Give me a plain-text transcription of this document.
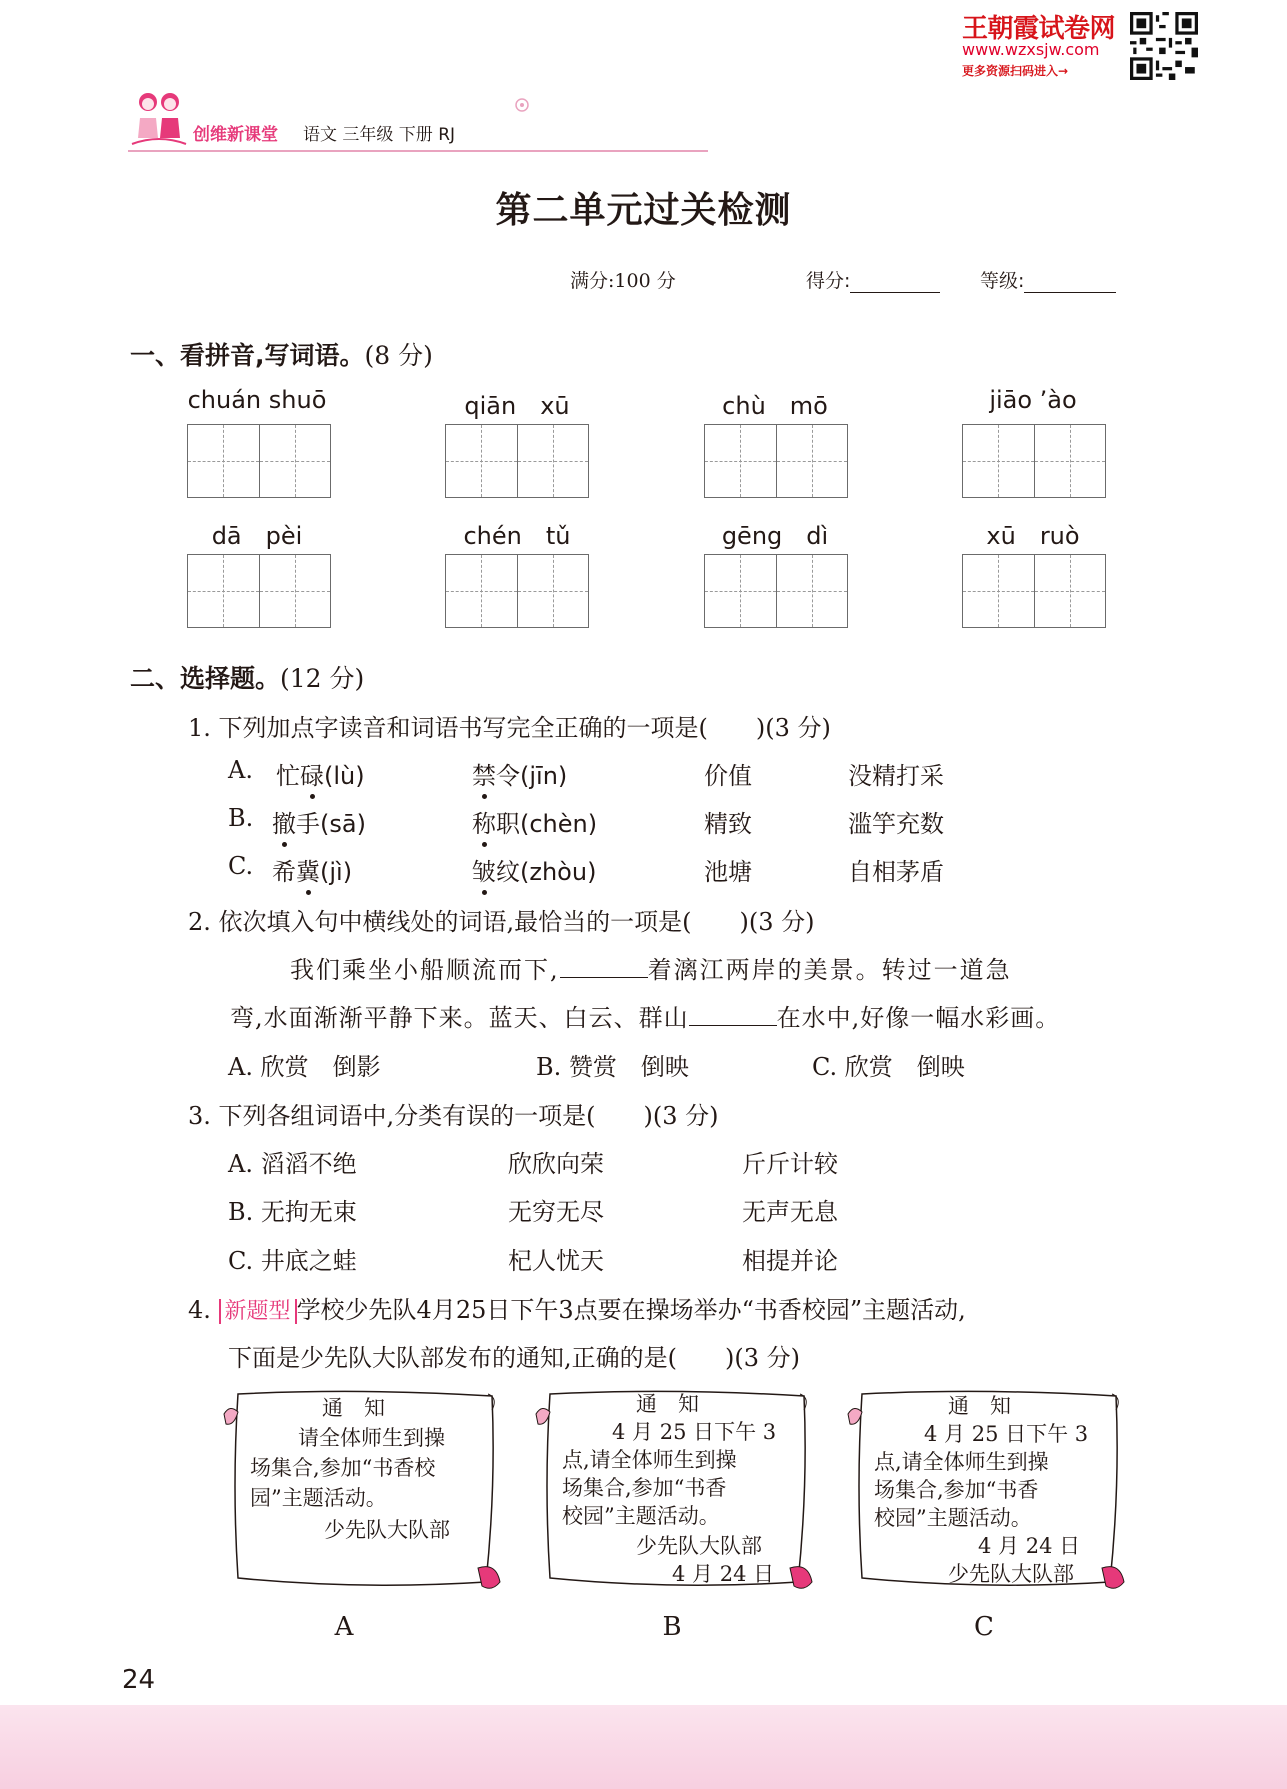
王朝霞试卷网
www.wzxsjw.com
更多资源扫码进入→
创维新课堂 语文 三年级 下册 RJ
第二单元过关检测
满分:100 分	得分:	等级:
一、看拼音,写词语。(8 分)
chuán shuō	qiān　xū	chù　mō	jiāo ’ào
dā　pèi	chén　tǔ	gēng　dì	xū　ruò
二、选择题。(12 分)
1. 下列加点字读音和词语书写完全正确的一项是(　　)(3 分)
A. 忙碌(lù)	禁令(jīn)	价值	没精打采
B. 撤手(sā)	称职(chèn)	精致	滥竽充数
C. 希冀(jì)	皱纹(zhòu)	池塘	自相茅盾
2. 依次填入句中横线处的词语,最恰当的一项是(　　)(3 分)
我们乘坐小船顺流而下,	着漓江两岸的美景。转过一道急
弯,水面渐渐平静下来。蓝天、白云、群山	在水中,好像一幅水彩画。
A. 欣赏　倒影	B. 赞赏　倒映	C. 欣赏　倒映
3. 下列各组词语中,分类有误的一项是(　　)(3 分)
A. 滔滔不绝	欣欣向荣	斤斤计较
B. 无拘无束	无穷无尽	无声无息
C. 井底之蛙	杞人忧天	相提并论
4. 新题型 学校少先队4月25日下午3点要在操场举办“书香校园”主题活动,
下面是少先队大队部发布的通知,正确的是(　　)(3 分)
通　知
请全体师生到操
场集合,参加“书香校
园”主题活动。
少先队大队部
A
通　知
4 月 25 日下午 3
点,请全体师生到操
场集合,参加“书香
校园”主题活动。
少先队大队部
4 月 24 日
B
通　知
4 月 25 日下午 3
点,请全体师生到操
场集合,参加“书香
校园”主题活动。
4 月 24 日
少先队大队部
C
24
